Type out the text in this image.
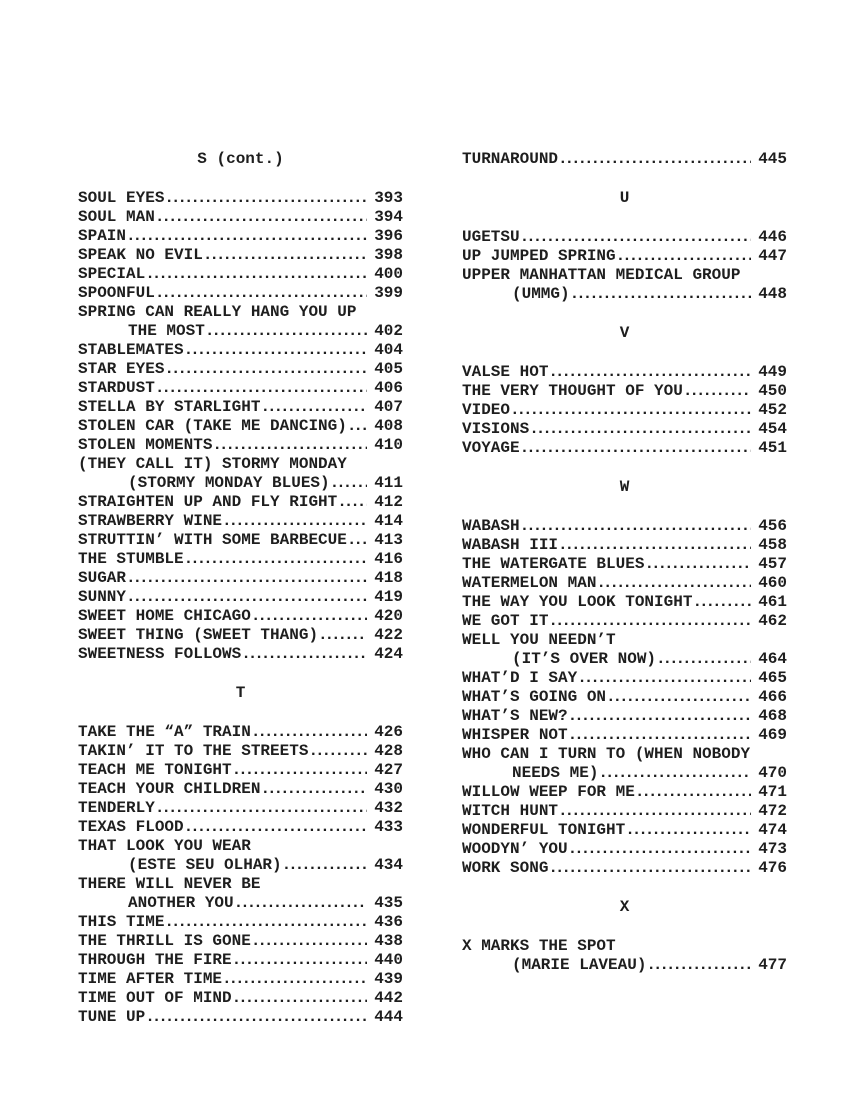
S (cont.)
SOUL EYES .....	393
SOUL MAN .....	394
SPAIN .....	396
SPEAK NO EVIL .....	398
SPECIAL .....	400
SPOONFUL .....	399
SPRING CAN REALLY HANG YOU UP
THE MOST .....	402
STABLEMATES .....	404
STAR EYES .....	405
STARDUST .....	406
STELLA BY STARLIGHT .....	407
STOLEN CAR (TAKE ME DANCING) .....	408
STOLEN MOMENTS .....	410
(THEY CALL IT) STORMY MONDAY
(STORMY MONDAY BLUES) .....	411
STRAIGHTEN UP AND FLY RIGHT .....	412
STRAWBERRY WINE .....	414
STRUTTIN’ WITH SOME BARBECUE .....	413
THE STUMBLE .....	416
SUGAR .....	418
SUNNY .....	419
SWEET HOME CHICAGO .....	420
SWEET THING (SWEET THANG) .....	422
SWEETNESS FOLLOWS .....	424
T
TAKE THE “A” TRAIN .....	426
TAKIN’ IT TO THE STREETS .....	428
TEACH ME TONIGHT .....	427
TEACH YOUR CHILDREN .....	430
TENDERLY .....	432
TEXAS FLOOD .....	433
THAT LOOK YOU WEAR
(ESTE SEU OLHAR) .....	434
THERE WILL NEVER BE
ANOTHER YOU .....	435
THIS TIME .....	436
THE THRILL IS GONE .....	438
THROUGH THE FIRE .....	440
TIME AFTER TIME .....	439
TIME OUT OF MIND .....	442
TUNE UP .....	444
TURNAROUND .....	445
U
UGETSU .....	446
UP JUMPED SPRING .....	447
UPPER MANHATTAN MEDICAL GROUP
(UMMG) .....	448
V
VALSE HOT .....	449
THE VERY THOUGHT OF YOU .....	450
VIDEO .....	452
VISIONS .....	454
VOYAGE .....	451
W
WABASH .....	456
WABASH III .....	458
THE WATERGATE BLUES .....	457
WATERMELON MAN .....	460
THE WAY YOU LOOK TONIGHT .....	461
WE GOT IT .....	462
WELL YOU NEEDN’T
(IT’S OVER NOW) .....	464
WHAT’D I SAY .....	465
WHAT’S GOING ON .....	466
WHAT’S NEW? .....	468
WHISPER NOT .....	469
WHO CAN I TURN TO (WHEN NOBODY
NEEDS ME) .....	470
WILLOW WEEP FOR ME .....	471
WITCH HUNT .....	472
WONDERFUL TONIGHT .....	474
WOODYN’ YOU .....	473
WORK SONG .....	476
X
X MARKS THE SPOT
(MARIE LAVEAU) .....	477
